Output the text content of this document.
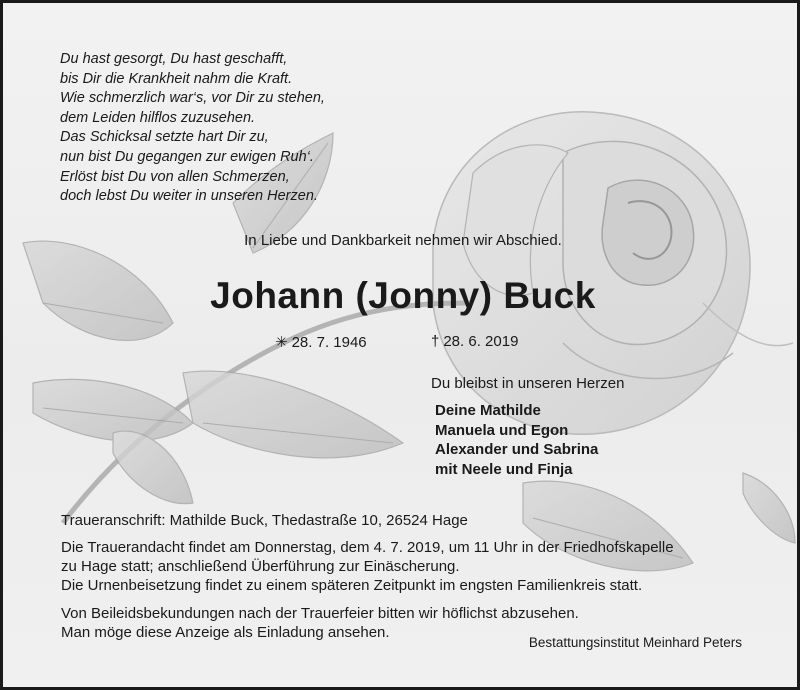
Du hast gesorgt, Du hast geschafft,
bis Dir die Krankheit nahm die Kraft.
Wie schmerzlich war‘s, vor Dir zu stehen,
dem Leiden hilflos zuzusehen.
Das Schicksal setzte hart Dir zu,
nun bist Du gegangen zur ewigen Ruh‘.
Erlöst bist Du von allen Schmerzen,
doch lebst Du weiter in unseren Herzen.

In Liebe und Dankbarkeit nehmen wir Abschied.

Johann (Jonny) Buck
✳ 28. 7. 1946	† 28. 6. 2019

Du bleibst in unseren Herzen

Deine Mathilde
Manuela und Egon
Alexander und Sabrina
mit Neele und Finja

Traueranschrift: Mathilde Buck, Thedastraße 10, 26524 Hage

Die Trauerandacht findet am Donnerstag, dem 4. 7. 2019, um 11 Uhr in der Friedhofskapelle
zu Hage statt; anschließend Überführung zur Einäscherung.
Die Urnenbeisetzung findet zu einem späteren Zeitpunkt im engsten Familienkreis statt.
Von Beileidsbekundungen nach der Trauerfeier bitten wir höflichst abzusehen.
Man möge diese Anzeige als Einladung ansehen.

Bestattungsinstitut Meinhard Peters
